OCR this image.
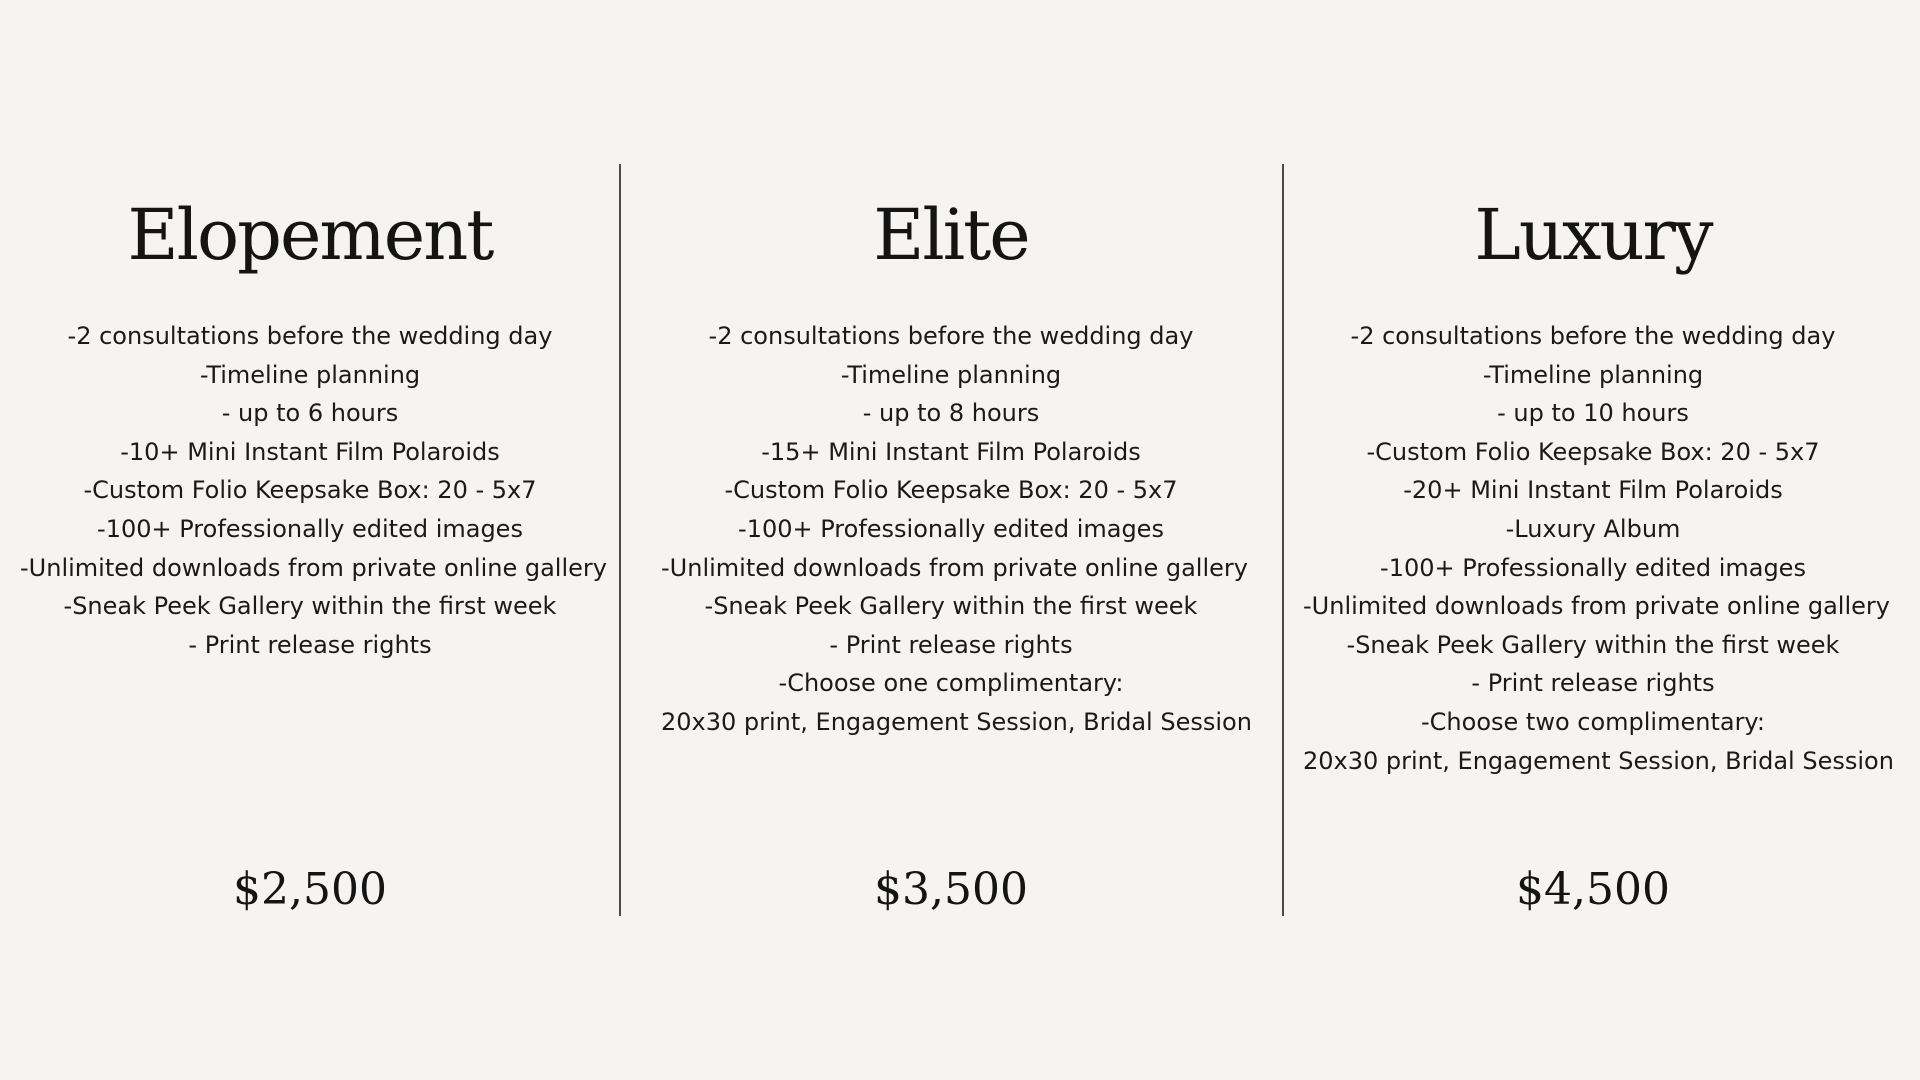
Elopement
-2 consultations before the wedding day
-Timeline planning
- up to 6 hours
-10+ Mini Instant Film Polaroids
-Custom Folio Keepsake Box: 20 - 5x7
-100+ Professionally edited images
-Unlimited downloads from private online gallery
-Sneak Peek Gallery within the first week
- Print release rights
$2,500
Elite
-2 consultations before the wedding day
-Timeline planning
- up to 8 hours
-15+ Mini Instant Film Polaroids
-Custom Folio Keepsake Box: 20 - 5x7
-100+ Professionally edited images
-Unlimited downloads from private online gallery
-Sneak Peek Gallery within the first week
- Print release rights
-Choose one complimentary:
20x30 print, Engagement Session, Bridal Session
$3,500
Luxury
-2 consultations before the wedding day
-Timeline planning
- up to 10 hours
-Custom Folio Keepsake Box: 20 - 5x7
-20+ Mini Instant Film Polaroids
-Luxury Album
-100+ Professionally edited images
-Unlimited downloads from private online gallery
-Sneak Peek Gallery within the first week
- Print release rights
-Choose two complimentary:
20x30 print, Engagement Session, Bridal Session
$4,500
